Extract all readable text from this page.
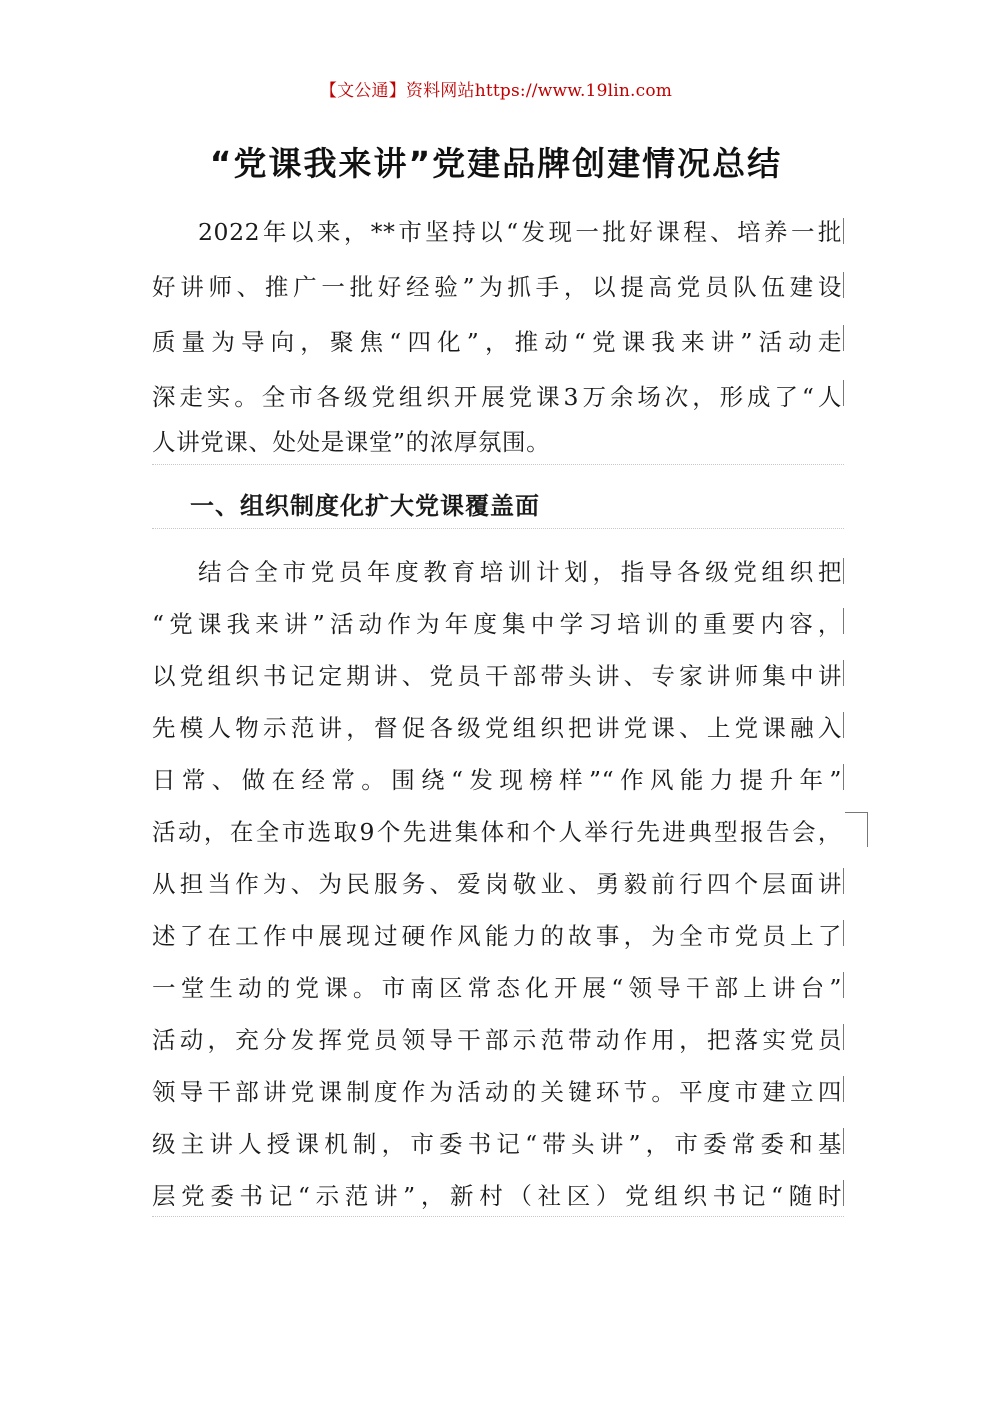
【文公通】资料网站https://www.19lin.com
“党课我来讲”党建品牌创建情况总结
2022年以来，**市坚持以“发现一批好课程、培养一批
好讲师、推广一批好经验”为抓手，以提高党员队伍建设
质量为导向，聚焦“四化”，推动“党课我来讲”活动走
深走实。全市各级党组织开展党课3万余场次，形成了“人
人讲党课、处处是课堂”的浓厚氛围。
一、组织制度化扩大党课覆盖面
结合全市党员年度教育培训计划，指导各级党组织把
“党课我来讲”活动作为年度集中学习培训的重要内容，
以党组织书记定期讲、党员干部带头讲、专家讲师集中讲
先模人物示范讲，督促各级党组织把讲党课、上党课融入
日常、做在经常。围绕“发现榜样”“作风能力提升年”
活动，在全市选取9个先进集体和个人举行先进典型报告会，
从担当作为、为民服务、爱岗敬业、勇毅前行四个层面讲
述了在工作中展现过硬作风能力的故事，为全市党员上了
一堂生动的党课。市南区常态化开展“领导干部上讲台”
活动，充分发挥党员领导干部示范带动作用，把落实党员
领导干部讲党课制度作为活动的关键环节。平度市建立四
级主讲人授课机制，市委书记“带头讲”，市委常委和基
层党委书记“示范讲”，新村（社区）党组织书记“随时
